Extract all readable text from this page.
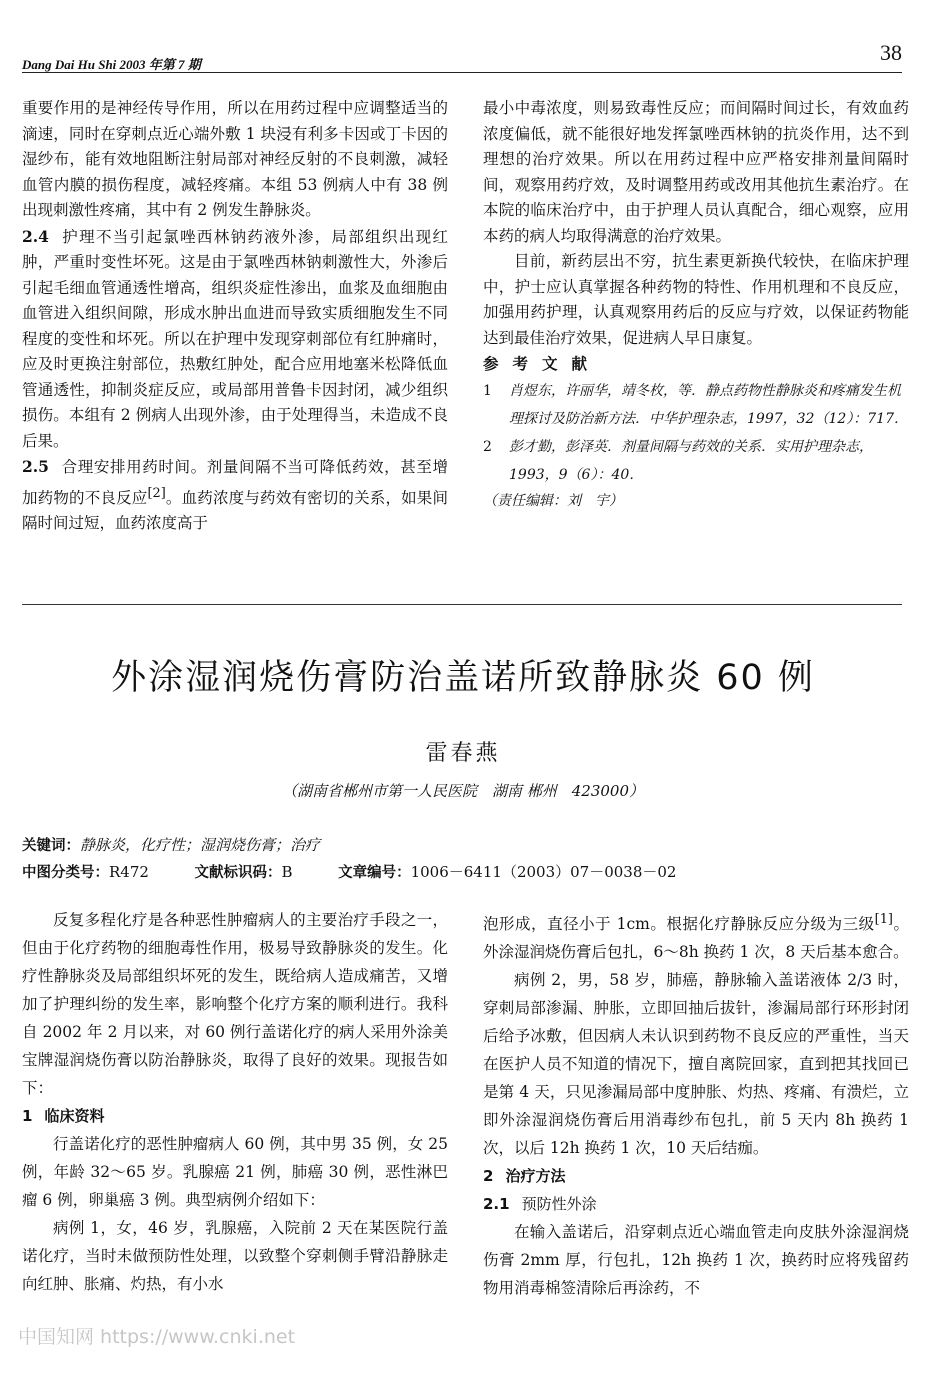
Dang Dai Hu Shi 2003 年第 7 期	38

重要作用的是神经传导作用，所以在用药过程中应调整适当的滴速，同时在穿刺点近心端外敷 1 块浸有利多卡因或丁卡因的湿纱布，能有效地阻断注射局部对神经反射的不良刺激，减轻血管内膜的损伤程度，减轻疼痛。本组 53 例病人中有 38 例出现刺激性疼痛，其中有 2 例发生静脉炎。

2.4 护理不当引起氯唑西林钠药液外渗，局部组织出现红肿，严重时变性坏死。这是由于氯唑西林钠刺激性大，外渗后引起毛细血管通透性增高，组织炎症性渗出，血浆及血细胞由血管进入组织间隙，形成水肿出血进而导致实质细胞发生不同程度的变性和坏死。所以在护理中发现穿刺部位有红肿痛时，应及时更换注射部位，热敷红肿处，配合应用地塞米松降低血管通透性，抑制炎症反应，或局部用普鲁卡因封闭，减少组织损伤。本组有 2 例病人出现外渗，由于处理得当，未造成不良后果。

2.5 合理安排用药时间。剂量间隔不当可降低药效，甚至增加药物的不良反应[2]。血药浓度与药效有密切的关系，如果间隔时间过短，血药浓度高于

最小中毒浓度，则易致毒性反应；而间隔时间过长，有效血药浓度偏低，就不能很好地发挥氯唑西林钠的抗炎作用，达不到理想的治疗效果。所以在用药过程中应严格安排剂量间隔时间，观察用药疗效，及时调整用药或改用其他抗生素治疗。在本院的临床治疗中，由于护理人员认真配合，细心观察，应用本药的病人均取得满意的治疗效果。

目前，新药层出不穷，抗生素更新换代较快，在临床护理中，护士应认真掌握各种药物的特性、作用机理和不良反应，加强用药护理，认真观察用药后的反应与疗效，以保证药物能达到最佳治疗效果，促进病人早日康复。

参考文献

1	肖煜东，许丽华，靖冬枚，等．静点药物性静脉炎和疼痛发生机理探讨及防治新方法．中华护理杂志，1997，32（12）：717．
2	彭才勤，彭泽英．剂量间隔与药效的关系．实用护理杂志，1993，9（6）：40．

（责任编辑：刘　宇）

外涂湿润烧伤膏防治盖诺所致静脉炎 60 例

雷春燕

（湖南省郴州市第一人民医院　湖南 郴州　423000）

关键词：静脉炎，化疗性；湿润烧伤膏；治疗
中图分类号：R472	文献标识码：B	文章编号：1006－6411（2003）07－0038－02

反复多程化疗是各种恶性肿瘤病人的主要治疗手段之一，但由于化疗药物的细胞毒性作用，极易导致静脉炎的发生。化疗性静脉炎及局部组织坏死的发生，既给病人造成痛苦，又增加了护理纠纷的发生率，影响整个化疗方案的顺利进行。我科自 2002 年 2 月以来，对 60 例行盖诺化疗的病人采用外涂美宝牌湿润烧伤膏以防治静脉炎，取得了良好的效果。现报告如下：

1 临床资料

行盖诺化疗的恶性肿瘤病人 60 例，其中男 35 例，女 25 例，年龄 32～65 岁。乳腺癌 21 例，肺癌 30 例，恶性淋巴瘤 6 例，卵巢癌 3 例。典型病例介绍如下：

病例 1，女，46 岁，乳腺癌，入院前 2 天在某医院行盖诺化疗，当时未做预防性处理，以致整个穿刺侧手臂沿静脉走向红肿、胀痛、灼热，有小水

泡形成，直径小于 1cm。根据化疗静脉反应分级为三级[1]。外涂湿润烧伤膏后包扎，6～8h 换药 1 次，8 天后基本愈合。

病例 2，男，58 岁，肺癌，静脉输入盖诺液体 2/3 时，穿刺局部渗漏、肿胀，立即回抽后拔针，渗漏局部行环形封闭后给予冰敷，但因病人未认识到药物不良反应的严重性，当天在医护人员不知道的情况下，擅自离院回家，直到把其找回已是第 4 天，只见渗漏局部中度肿胀、灼热、疼痛、有溃烂，立即外涂湿润烧伤膏后用消毒纱布包扎，前 5 天内 8h 换药 1 次，以后 12h 换药 1 次，10 天后结痂。

2 治疗方法

2.1 预防性外涂

在输入盖诺后，沿穿刺点近心端血管走向皮肤外涂湿润烧伤膏 2mm 厚，行包扎，12h 换药 1 次，换药时应将残留药物用消毒棉签清除后再涂药，不

中国知网 https://www.cnki.net
